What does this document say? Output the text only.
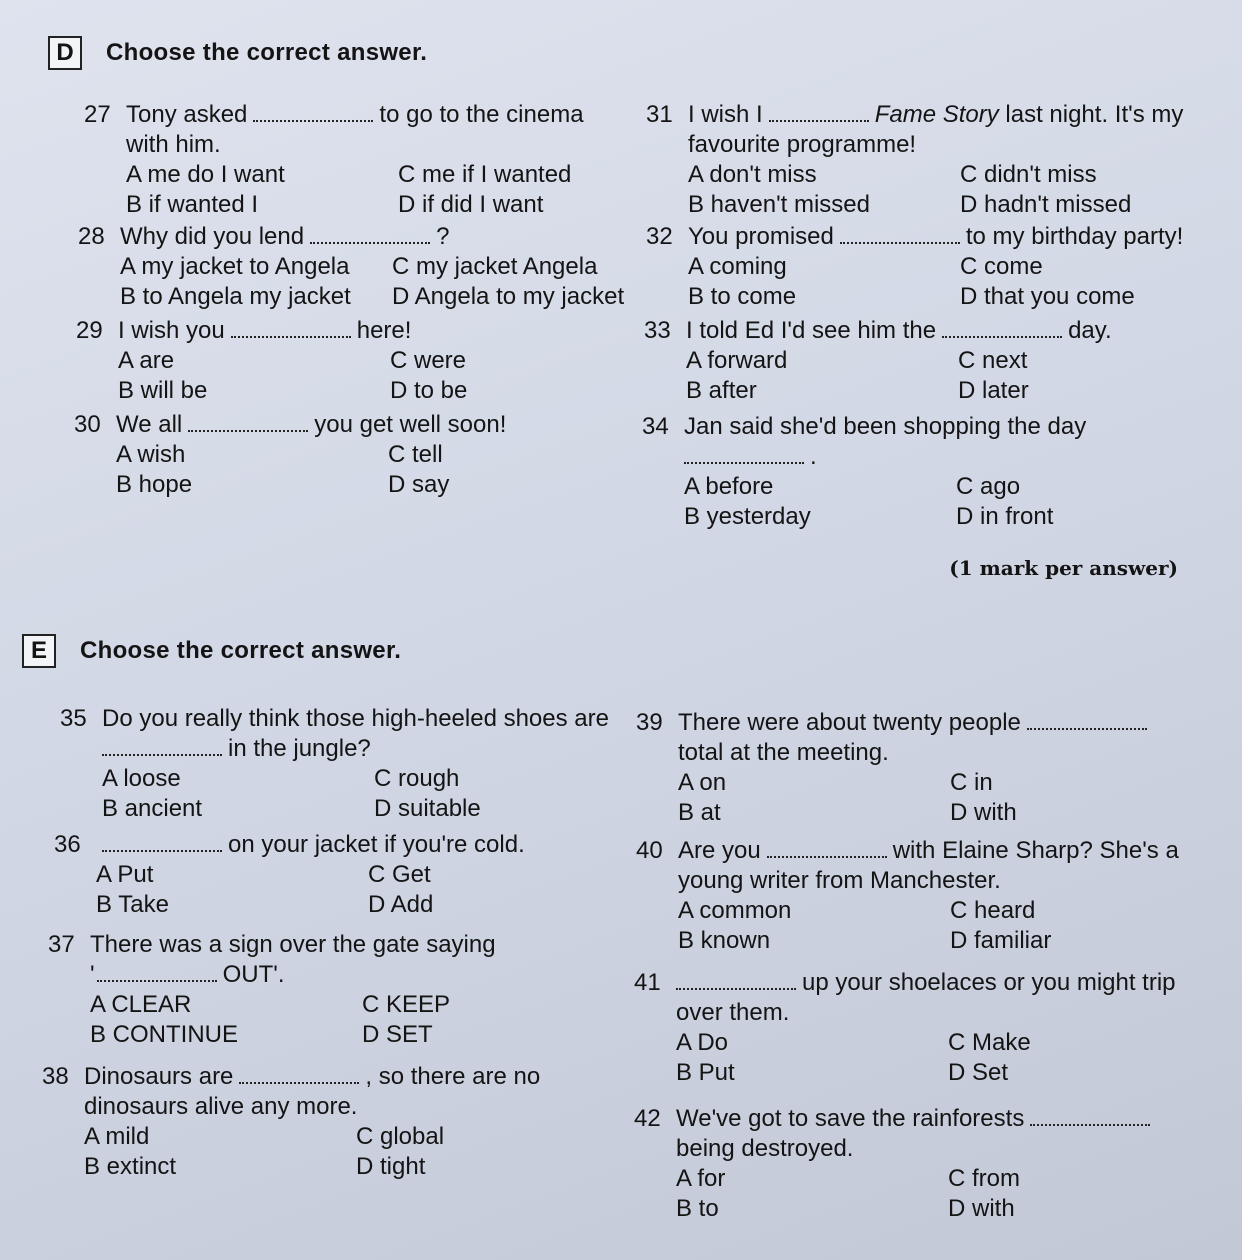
D	Choose the correct answer.
27 Tony asked	to go to the cinema
with him.
A me do I want	C me if I wanted
B if wanted I	D if did I want
28 Why did you lend	?
A my jacket to Angela	C my jacket Angela
B to Angela my jacket	D Angela to my jacket
29 I wish you	here!
A are	C were
B will be	D to be
30 We all	you get well soon!
A wish	C tell
B hope	D say
31 I wish I	Fame Story
last night. It's my
favourite programme!
A don't miss	C didn't miss
B haven't missed	D hadn't missed
32 You promised	to my birthday party!
A coming	C come
B to come	D that you come
33 I told Ed I'd see him the	day.
A forward	C next
B after	D later
34 Jan said she'd been shopping the day
.
A before	C ago
B yesterday	D in front
(1 mark per answer)
E	Choose the correct answer.
35 Do you really think those high-heeled shoes are
in the jungle?
A loose	C rough
B ancient	D suitable
36	on your jacket if you're cold.
A Put	C Get
B Take	D Add
37 There was a sign over the gate saying
'	OUT'.
A CLEAR	C KEEP
B CONTINUE	D SET
38 Dinosaurs are	, so there are no
dinosaurs alive any more.
A mild	C global
B extinct	D tight
39 There were about twenty people
total at the meeting.
A on	C in
B at	D with
40 Are you	with Elaine Sharp? She's a
young writer from Manchester.
A common	C heard
B known	D familiar
41	up your shoelaces or you might trip
over them.
A Do	C Make
B Put	D Set
42 We've got to save the rainforests
being destroyed.
A for	C from
B to	D with
